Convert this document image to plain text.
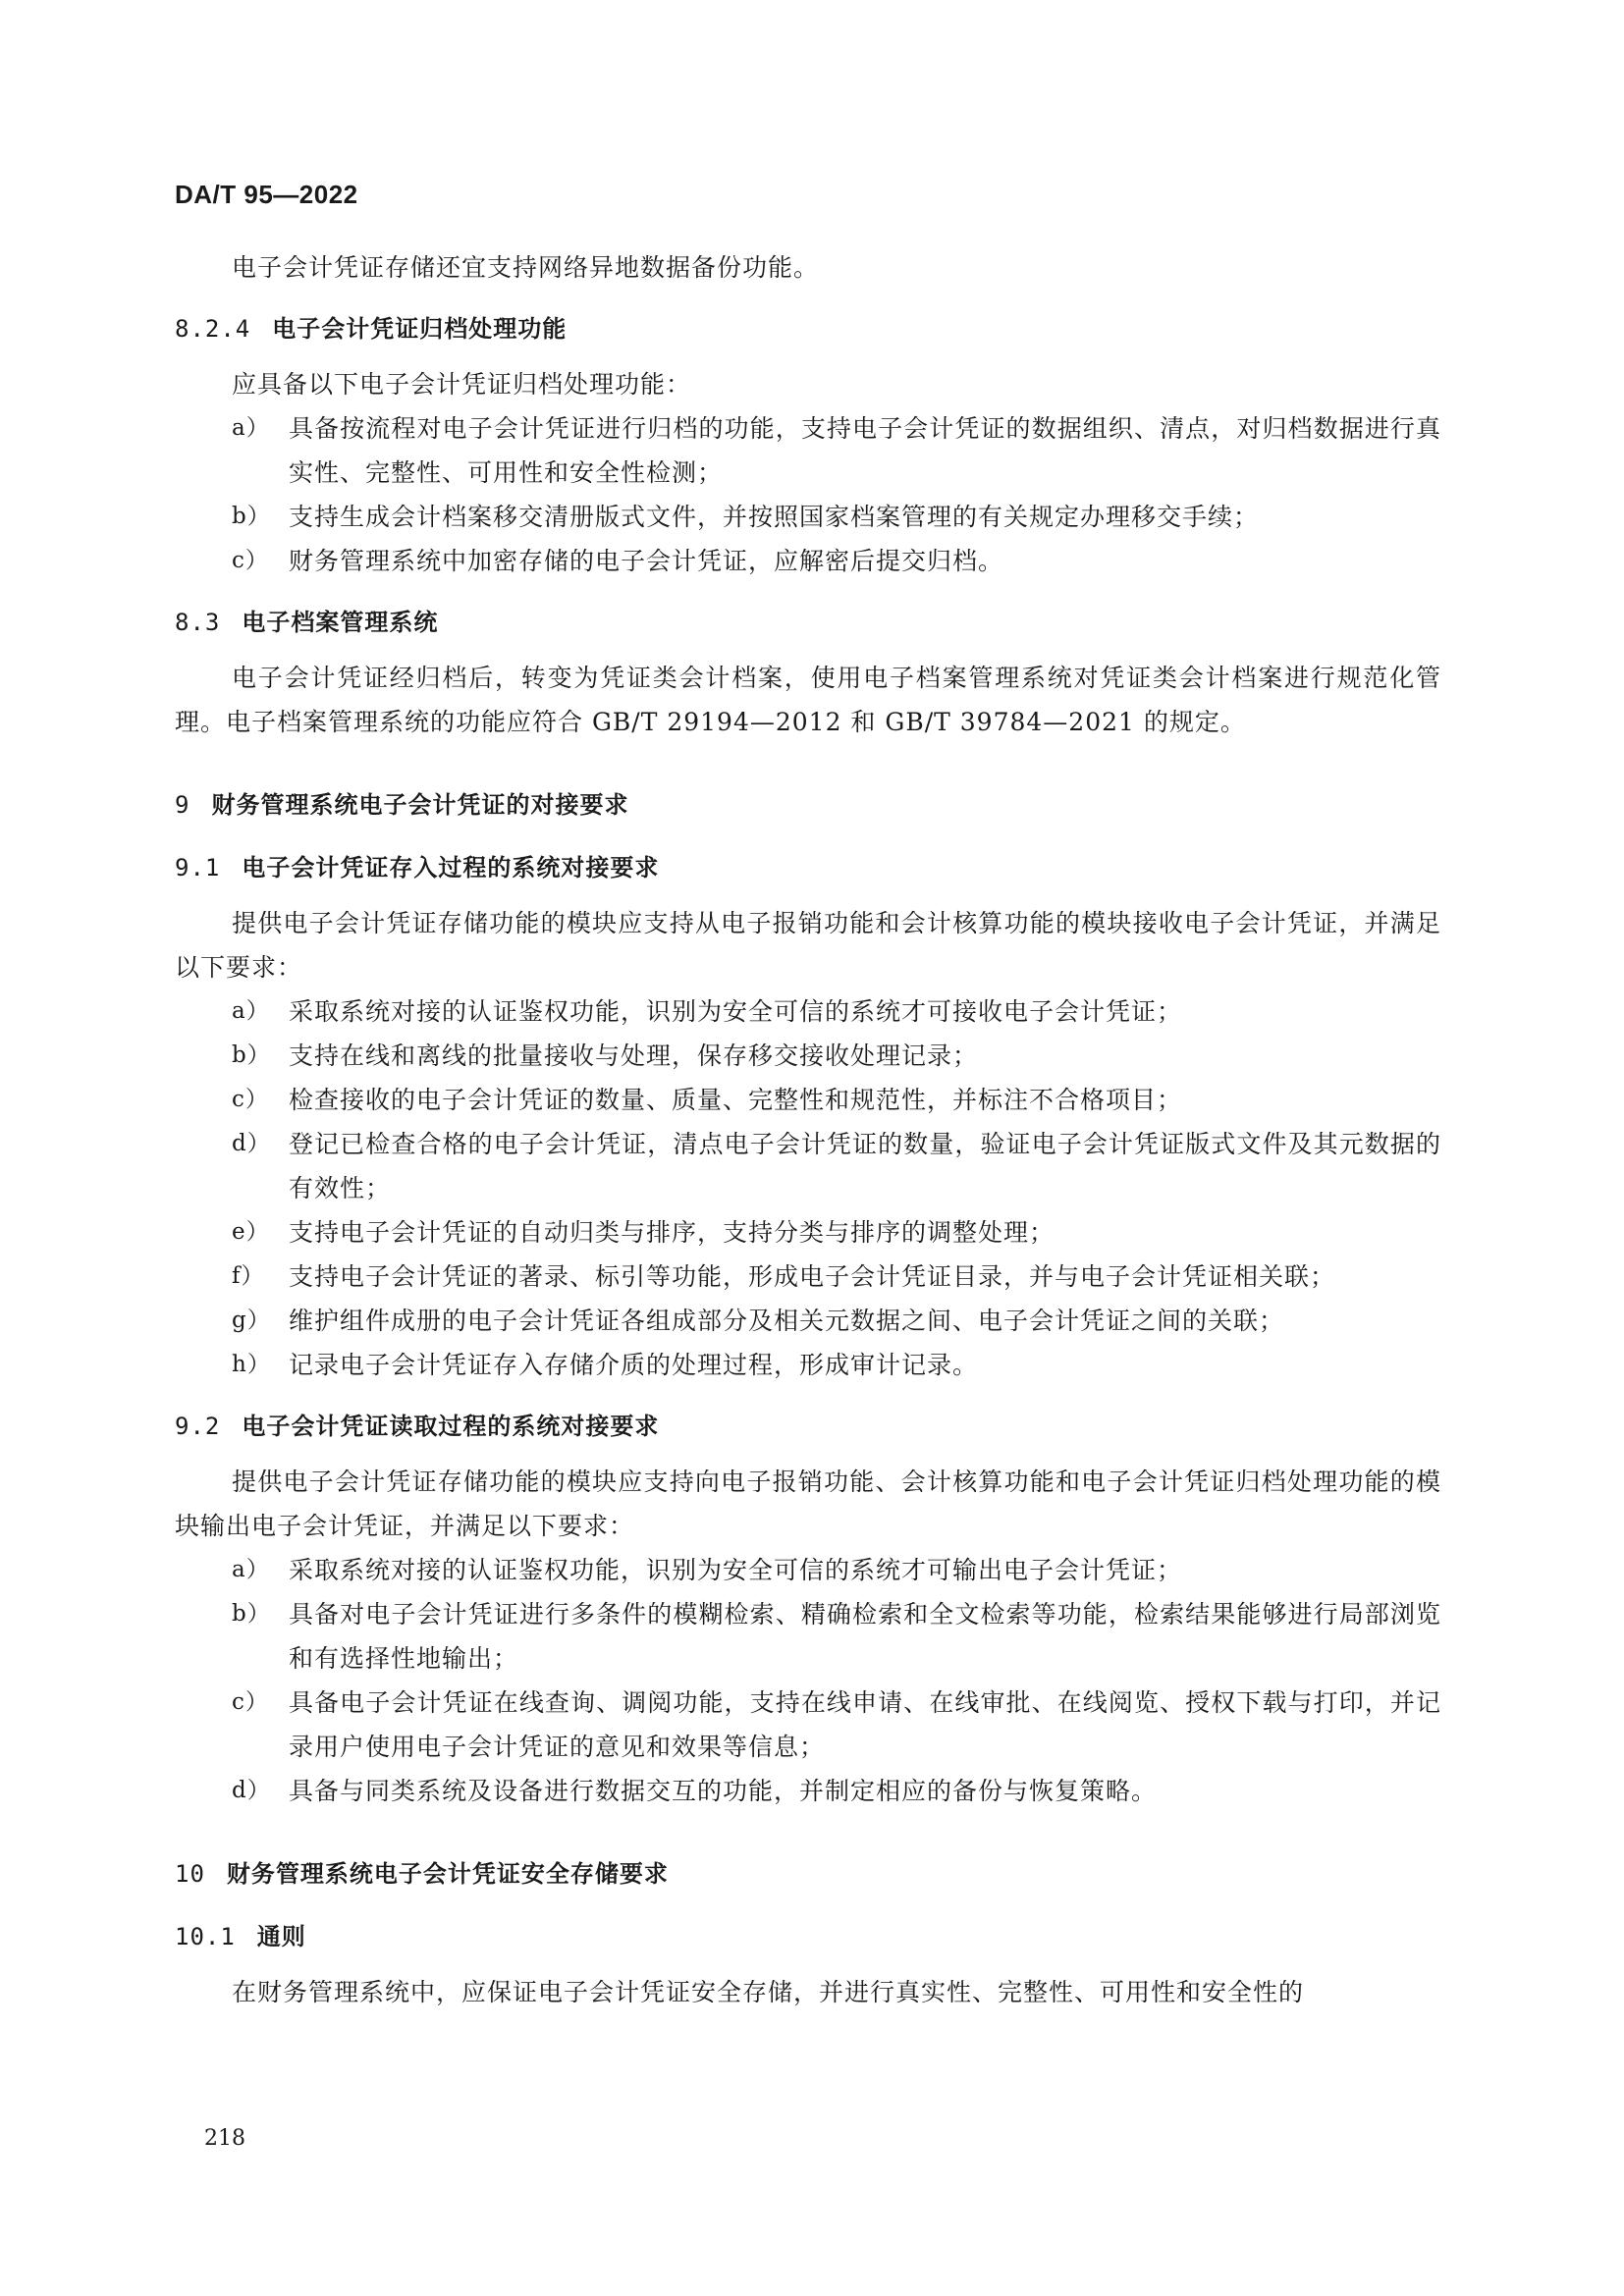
DA/T 95—2022

电子会计凭证存储还宜支持网络异地数据备份功能。

8.2.4 电子会计凭证归档处理功能

应具备以下电子会计凭证归档处理功能：

a） 具备按流程对电子会计凭证进行归档的功能，支持电子会计凭证的数据组织、清点，对归档数据进行真实性、完整性、可用性和安全性检测；
b） 支持生成会计档案移交清册版式文件，并按照国家档案管理的有关规定办理移交手续；
c） 财务管理系统中加密存储的电子会计凭证，应解密后提交归档。
8.3 电子档案管理系统

电子会计凭证经归档后，转变为凭证类会计档案，使用电子档案管理系统对凭证类会计档案进行规范化管理。电子档案管理系统的功能应符合 GB/T 29194—2012 和 GB/T 39784—2021 的规定。

9 财务管理系统电子会计凭证的对接要求
9.1 电子会计凭证存入过程的系统对接要求

提供电子会计凭证存储功能的模块应支持从电子报销功能和会计核算功能的模块接收电子会计凭证，并满足以下要求：

a） 采取系统对接的认证鉴权功能，识别为安全可信的系统才可接收电子会计凭证；
b） 支持在线和离线的批量接收与处理，保存移交接收处理记录；
c） 检查接收的电子会计凭证的数量、质量、完整性和规范性，并标注不合格项目；
d） 登记已检查合格的电子会计凭证，清点电子会计凭证的数量，验证电子会计凭证版式文件及其元数据的有效性；
e） 支持电子会计凭证的自动归类与排序，支持分类与排序的调整处理；
f） 支持电子会计凭证的著录、标引等功能，形成电子会计凭证目录，并与电子会计凭证相关联；
g） 维护组件成册的电子会计凭证各组成部分及相关元数据之间、电子会计凭证之间的关联；
h） 记录电子会计凭证存入存储介质的处理过程，形成审计记录。
9.2 电子会计凭证读取过程的系统对接要求

提供电子会计凭证存储功能的模块应支持向电子报销功能、会计核算功能和电子会计凭证归档处理功能的模块输出电子会计凭证，并满足以下要求：

a） 采取系统对接的认证鉴权功能，识别为安全可信的系统才可输出电子会计凭证；
b） 具备对电子会计凭证进行多条件的模糊检索、精确检索和全文检索等功能，检索结果能够进行局部浏览和有选择性地输出；
c） 具备电子会计凭证在线查询、调阅功能，支持在线申请、在线审批、在线阅览、授权下载与打印，并记录用户使用电子会计凭证的意见和效果等信息；
d） 具备与同类系统及设备进行数据交互的功能，并制定相应的备份与恢复策略。
10 财务管理系统电子会计凭证安全存储要求
10.1 通则

在财务管理系统中，应保证电子会计凭证安全存储，并进行真实性、完整性、可用性和安全性的

218
